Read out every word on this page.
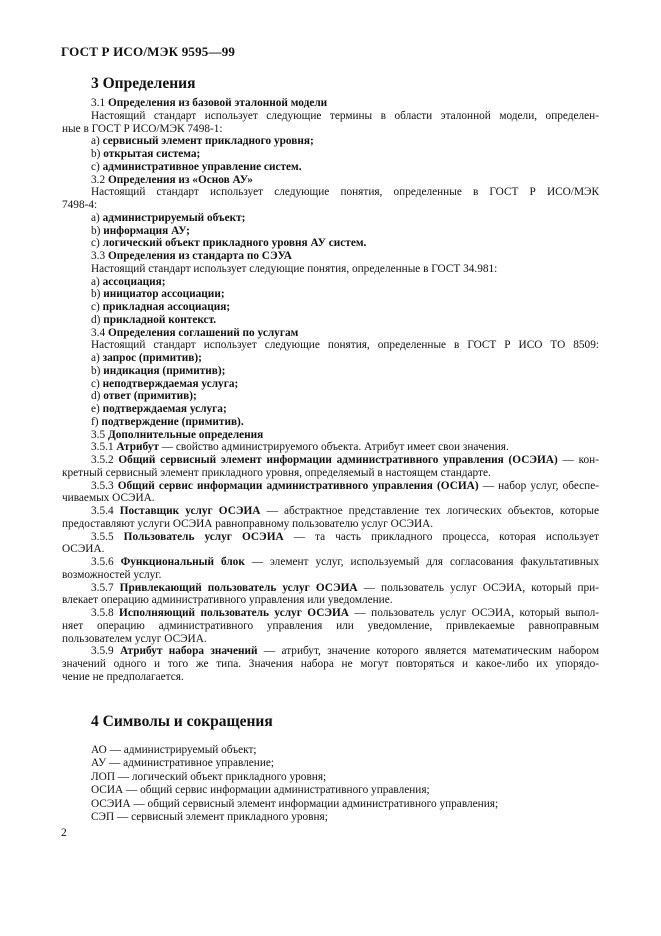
ГОСТ Р ИСО/МЭК 9595—99
3 Определения
3.1 Определения из базовой эталонной модели
Настоящий стандарт использует следующие термины в области эталонной модели, определен-
ные в ГОСТ Р ИСО/МЭК 7498-1:
a) сервисный элемент прикладного уровня;
b) открытая система;
c) административное управление систем.
3.2 Определения из «Основ АУ»
Настоящий стандарт использует следующие понятия, определенные в ГОСТ Р ИСО/МЭК
7498-4:
a) администрируемый объект;
b) информация АУ;
c) логический объект прикладного уровня АУ систем.
3.3 Определения из стандарта по СЭУА
Настоящий стандарт использует следующие понятия, определенные в ГОСТ 34.981:
a) ассоциация;
b) инициатор ассоциации;
c) прикладная ассоциация;
d) прикладной контекст.
3.4 Определения соглашений по услугам
Настоящий стандарт использует следующие понятия, определенные в ГОСТ Р ИСО ТО 8509:
a) запрос (примитив);
b) индикация (примитив);
c) неподтверждаемая услуга;
d) ответ (примитив);
e) подтверждаемая услуга;
f) подтверждение (примитив).
3.5 Дополнительные определения
3.5.1 Атрибут — свойство администрируемого объекта. Атрибут имеет свои значения.
3.5.2 Общий сервисный элемент информации административного управления (ОСЭИА) — кон-
кретный сервисный элемент прикладного уровня, определяемый в настоящем стандарте.
3.5.3 Общий сервис информации административного управления (ОСИА) — набор услуг, обеспе-
чиваемых ОСЭИА.
3.5.4 Поставщик услуг ОСЭИА — абстрактное представление тех логических объектов, которые
предоставляют услуги ОСЭИА равноправному пользователю услуг ОСЭИА.
3.5.5 Пользователь услуг ОСЭИА — та часть прикладного процесса, которая использует
ОСЭИА.
3.5.6 Функциональный блок — элемент услуг, используемый для согласования факультативных
возможностей услуг.
3.5.7 Привлекающий пользователь услуг ОСЭИА — пользователь услуг ОСЭИА, который при-
влекает операцию административного управления или уведомление.
3.5.8 Исполняющий пользователь услуг ОСЭИА — пользователь услуг ОСЭИА, который выпол-
няет операцию административного управления или уведомление, привлекаемые равноправным
пользователем услуг ОСЭИА.
3.5.9 Атрибут набора значений — атрибут, значение которого является математическим набором
значений одного и того же типа. Значения набора не могут повторяться и какое-либо их упорядо-
чение не предполагается.
4 Символы и сокращения
АО — администрируемый объект;
АУ — административное управление;
ЛОП — логический объект прикладного уровня;
ОСИА — общий сервис информации административного управления;
ОСЭИА — общий сервисный элемент информации административного управления;
СЭП — сервисный элемент прикладного уровня;
2
